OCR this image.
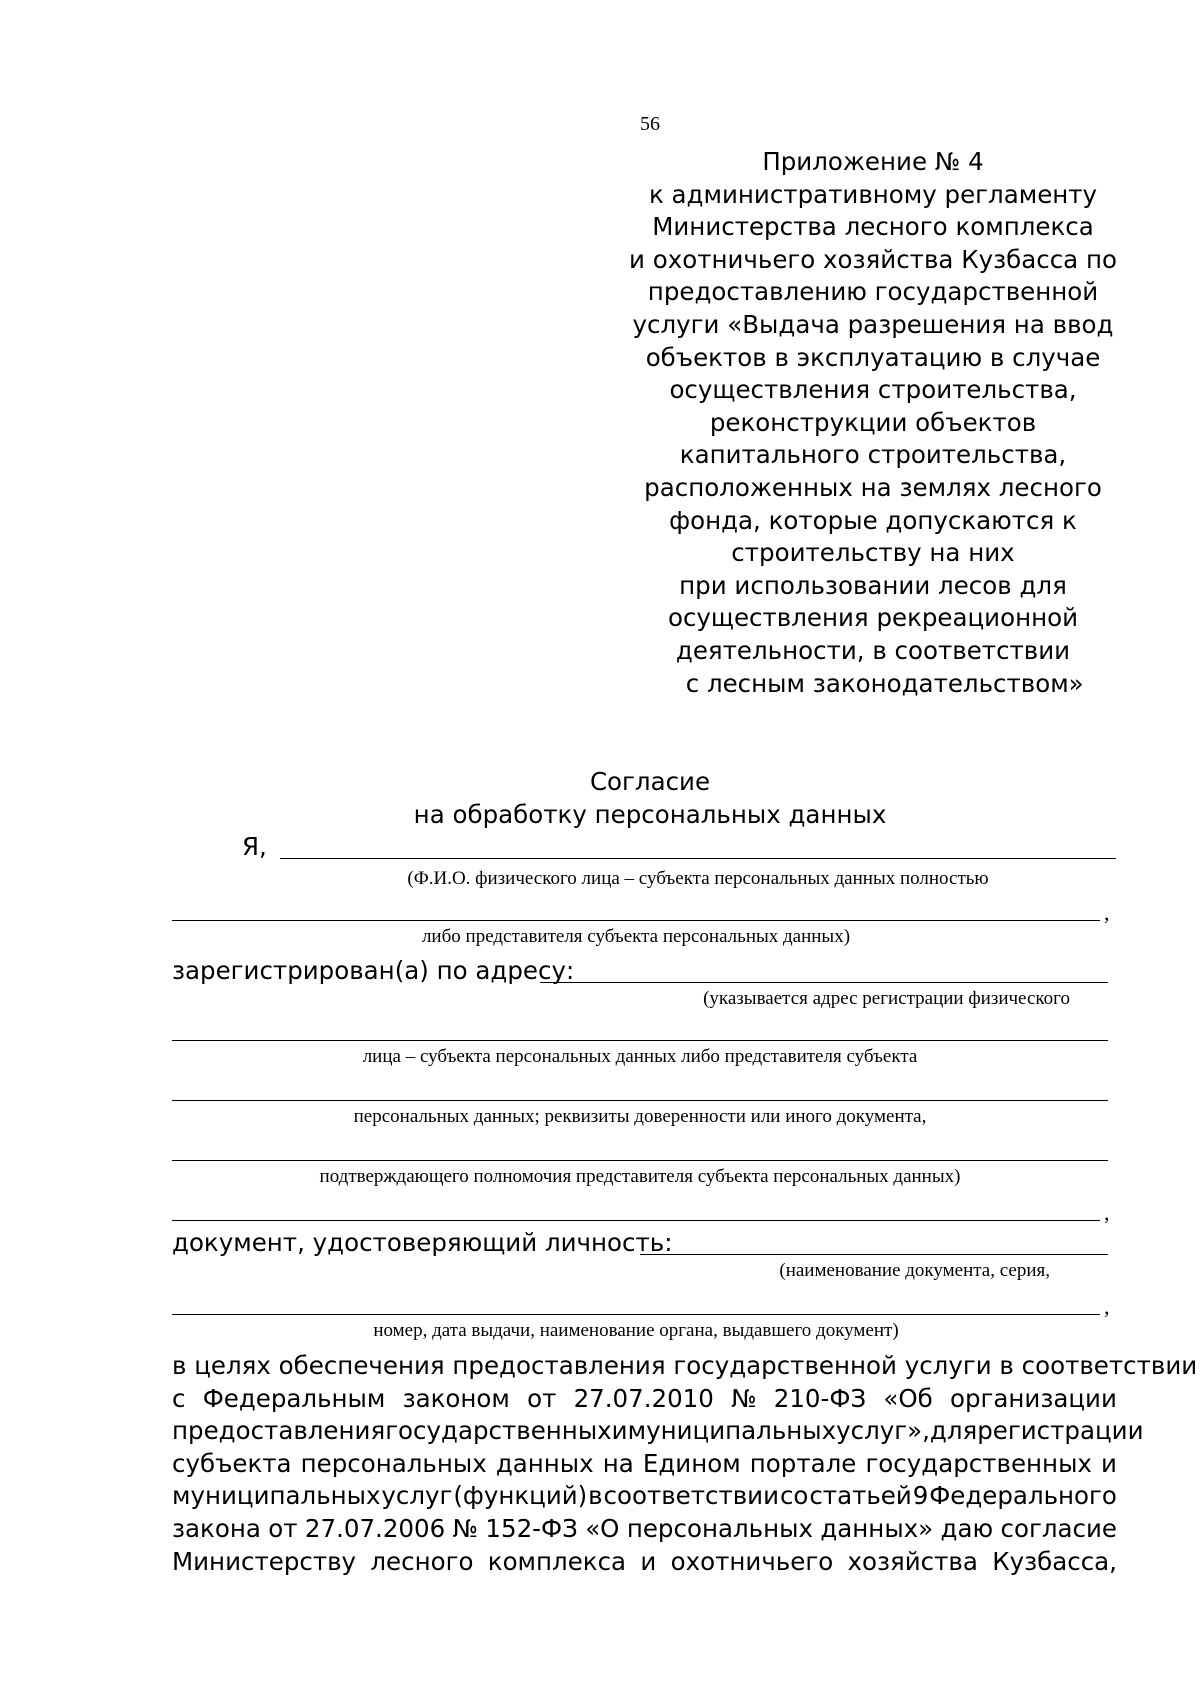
56
Приложение № 4
к административному регламенту
Министерства лесного комплекса
и охотничьего хозяйства Кузбасса по
предоставлению государственной
услуги «Выдача разрешения на ввод
объектов в эксплуатацию в случае
осуществления строительства,
реконструкции объектов
капитального строительства,
расположенных на землях лесного
фонда, которые допускаются к
строительству на них
при использовании лесов для
осуществления рекреационной
деятельности, в соответствии
с лесным законодательством»
Согласие
на обработку персональных данных
Я,
(Ф.И.О. физического лица – субъекта персональных данных полностью
,
либо представителя субъекта персональных данных)
зарегистрирован(а) по адресу:
(указывается адрес регистрации физического
лица – субъекта персональных данных либо представителя субъекта
персональных данных; реквизиты доверенности или иного документа,
подтверждающего полномочия представителя субъекта персональных данных)
,
документ, удостоверяющий личность:
(наименование документа, серия,
,
номер, дата выдачи, наименование органа, выдавшего документ)
в целях обеспечения предоставления государственной услуги в соответствии
с Федеральным законом от 27.07.2010 № 210-ФЗ «Об организации
предоставления государственных и муниципальных услуг», для регистрации
субъекта персональных данных на Едином портале государственных и
муниципальных услуг (функций) в соответствии со статьей 9 Федерального
закона от 27.07.2006 № 152-ФЗ «О персональных данных» даю согласие
Министерству лесного комплекса и охотничьего хозяйства Кузбасса,
